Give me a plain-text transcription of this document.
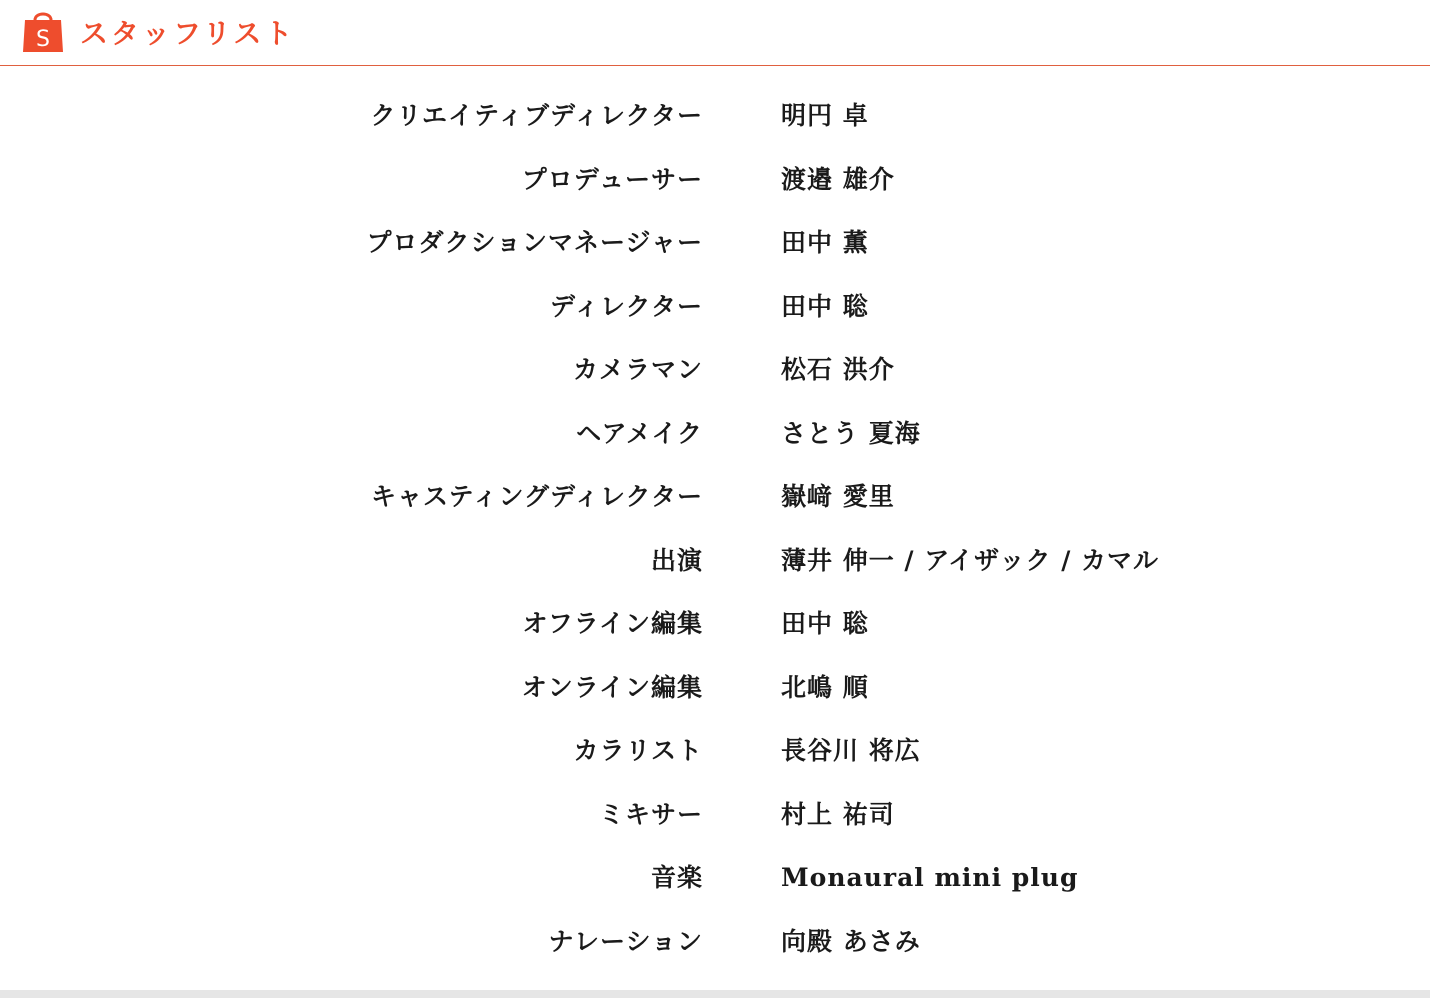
S スタッフリスト
クリエイティブディレクター	明円 卓
プロデューサー	渡邉 雄介
プロダクションマネージャー	田中 薫
ディレクター	田中 聡
カメラマン	松石 洪介
ヘアメイク	さとう 夏海
キャスティングディレクター	嶽﨑 愛里
出演	薄井 伸一 / アイザック / カマル
オフライン編集	田中 聡
オンライン編集	北嶋 順
カラリスト	長谷川 将広
ミキサー	村上 祐司
音楽	Monaural mini plug
ナレーション	向殿 あさみ
